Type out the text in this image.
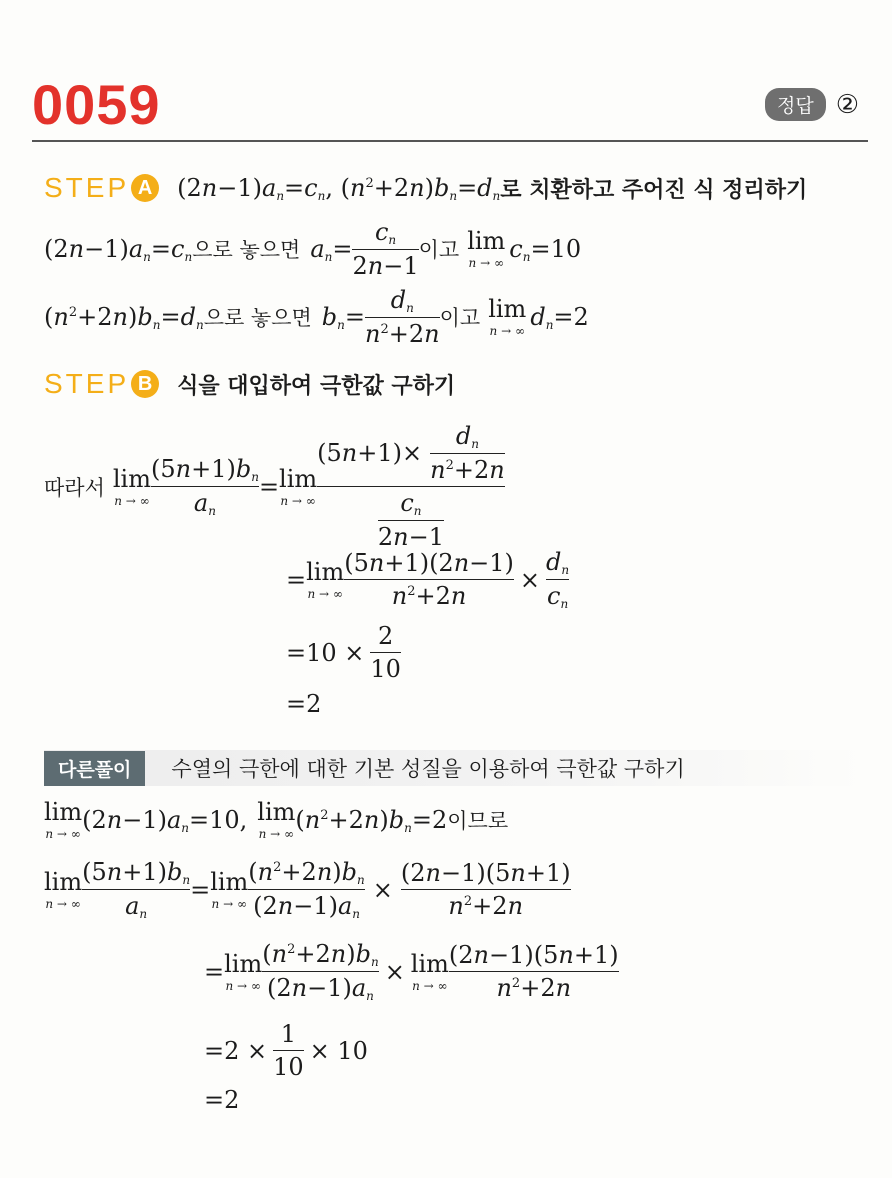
0059	정답 ②
STEP A $(2n-1)a_n=c_n$, $(n^2+2n)b_n=d_n$ 로 치환하고 주어진 식 정리하기
$(2n-1)a_n=c_n$ 으로 놓으면 $a_n= \frac{c_n}{2n-1}$ 이고 lim
n → ∞
$c_n= 10$
$(n^2+2n)b_n=d_n$ 으로 놓으면 $b_n= \frac{d_n}{n^2+2n}$ 이고 lim
n → ∞
$d_n= 2$
STEP B	식을 대입하여 극한값 구하기
따라서 lim
n → ∞ $\frac{(5n+1)b_n}{a_n} = \lim$
n → ∞ $\frac{(5 n +1)\times \frac{d_n}{n^2+2n}}{\frac{c_n}{2n-1}}$
= lim
n → ∞ $\frac{(5n+1)(2n-1)}{n^2+2n} \times \frac{d_n}{c_n}$
$=10 \times \frac{2}{10}$
=2
다른풀이	수열의 극한에 대한 기본 성질을 이용하여 극한값 구하기
lim
n → ∞
$(2n-1)a_n=10$, lim
n → ∞
$(n^2+2n)b_n=2$ 이므로
lim
n → ∞ $\frac{(5n+1)b_n}{a_n} = \lim$
n → ∞ $\frac{(n^2+2n)b_n}{(2n-1)a_n} \times \frac{(2n-1)(5n+1)}{n^2+2n}$
= lim
n → ∞ $\frac{(n^2+2n)b_n}{(2n-1)a_n} \times \lim$
n → ∞ $\frac{(2n-1)(5n+1)}{n^2+2n}$
$=2 \times \frac{1}{10} \times 10$
=2
